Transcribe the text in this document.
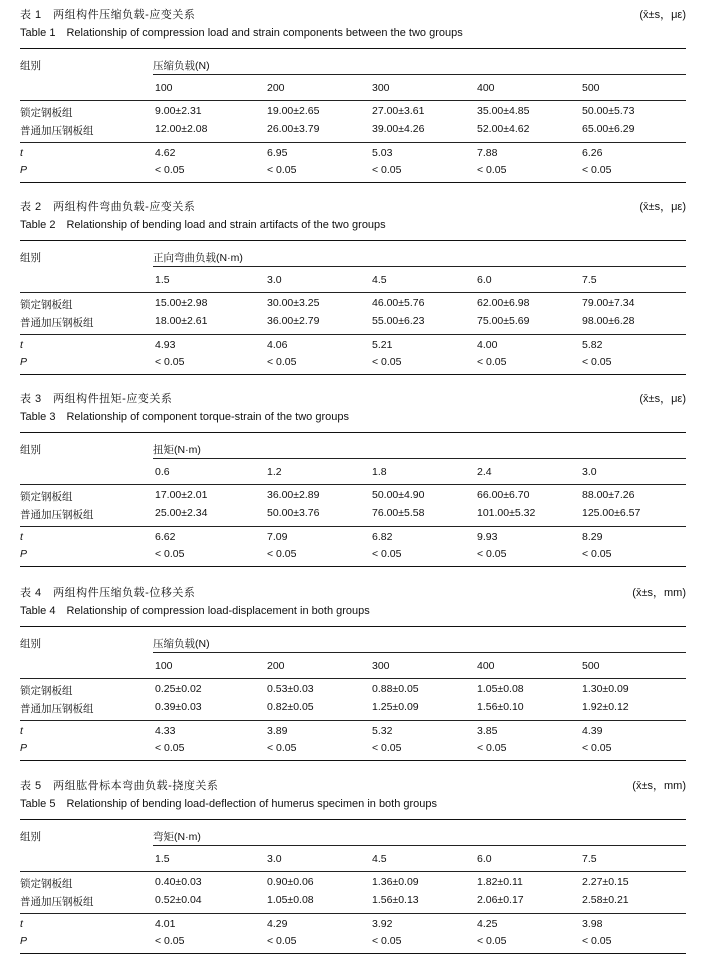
表 1　两组构件压缩负载-应变关系
Table 1　Relationship of compression load and strain components between the two groups
(x̄±s，με)
组别	压缩负载(N)
100	200	300	400	500
锁定钢板组	9.00±2.31	19.00±2.65	27.00±3.61	35.00±4.85	50.00±5.73
普通加压钢板组	12.00±2.08	26.00±3.79	39.00±4.26	52.00±4.62	65.00±6.29
t	4.62	6.95	5.03	7.88	6.26
P	< 0.05	< 0.05	< 0.05	< 0.05	< 0.05
表 2　两组构件弯曲负载-应变关系
Table 2　Relationship of bending load and strain artifacts of the two groups
(x̄±s，με)
组别	正向弯曲负载(N·m)
1.5	3.0	4.5	6.0	7.5
锁定钢板组	15.00±2.98	30.00±3.25	46.00±5.76	62.00±6.98	79.00±7.34
普通加压钢板组	18.00±2.61	36.00±2.79	55.00±6.23	75.00±5.69	98.00±6.28
t	4.93	4.06	5.21	4.00	5.82
P	< 0.05	< 0.05	< 0.05	< 0.05	< 0.05
表 3　两组构件扭矩-应变关系
Table 3　Relationship of component torque-strain of the two groups
(x̄±s，με)
组别	扭矩(N·m)
0.6	1.2	1.8	2.4	3.0
锁定钢板组	17.00±2.01	36.00±2.89	50.00±4.90	66.00±6.70	88.00±7.26
普通加压钢板组	25.00±2.34	50.00±3.76	76.00±5.58	101.00±5.32	125.00±6.57
t	6.62	7.09	6.82	9.93	8.29
P	< 0.05	< 0.05	< 0.05	< 0.05	< 0.05
表 4　两组构件压缩负载-位移关系
Table 4　Relationship of compression load-displacement in both groups
(x̄±s，mm)
组别	压缩负载(N)
100	200	300	400	500
锁定钢板组	0.25±0.02	0.53±0.03	0.88±0.05	1.05±0.08	1.30±0.09
普通加压钢板组	0.39±0.03	0.82±0.05	1.25±0.09	1.56±0.10	1.92±0.12
t	4.33	3.89	5.32	3.85	4.39
P	< 0.05	< 0.05	< 0.05	< 0.05	< 0.05
表 5　两组肱骨标本弯曲负载-挠度关系
Table 5　Relationship of bending load-deflection of humerus specimen in both groups
(x̄±s，mm)
组别	弯矩(N·m)
1.5	3.0	4.5	6.0	7.5
锁定钢板组	0.40±0.03	0.90±0.06	1.36±0.09	1.82±0.11	2.27±0.15
普通加压钢板组	0.52±0.04	1.05±0.08	1.56±0.13	2.06±0.17	2.58±0.21
t	4.01	4.29	3.92	4.25	3.98
P	< 0.05	< 0.05	< 0.05	< 0.05	< 0.05
